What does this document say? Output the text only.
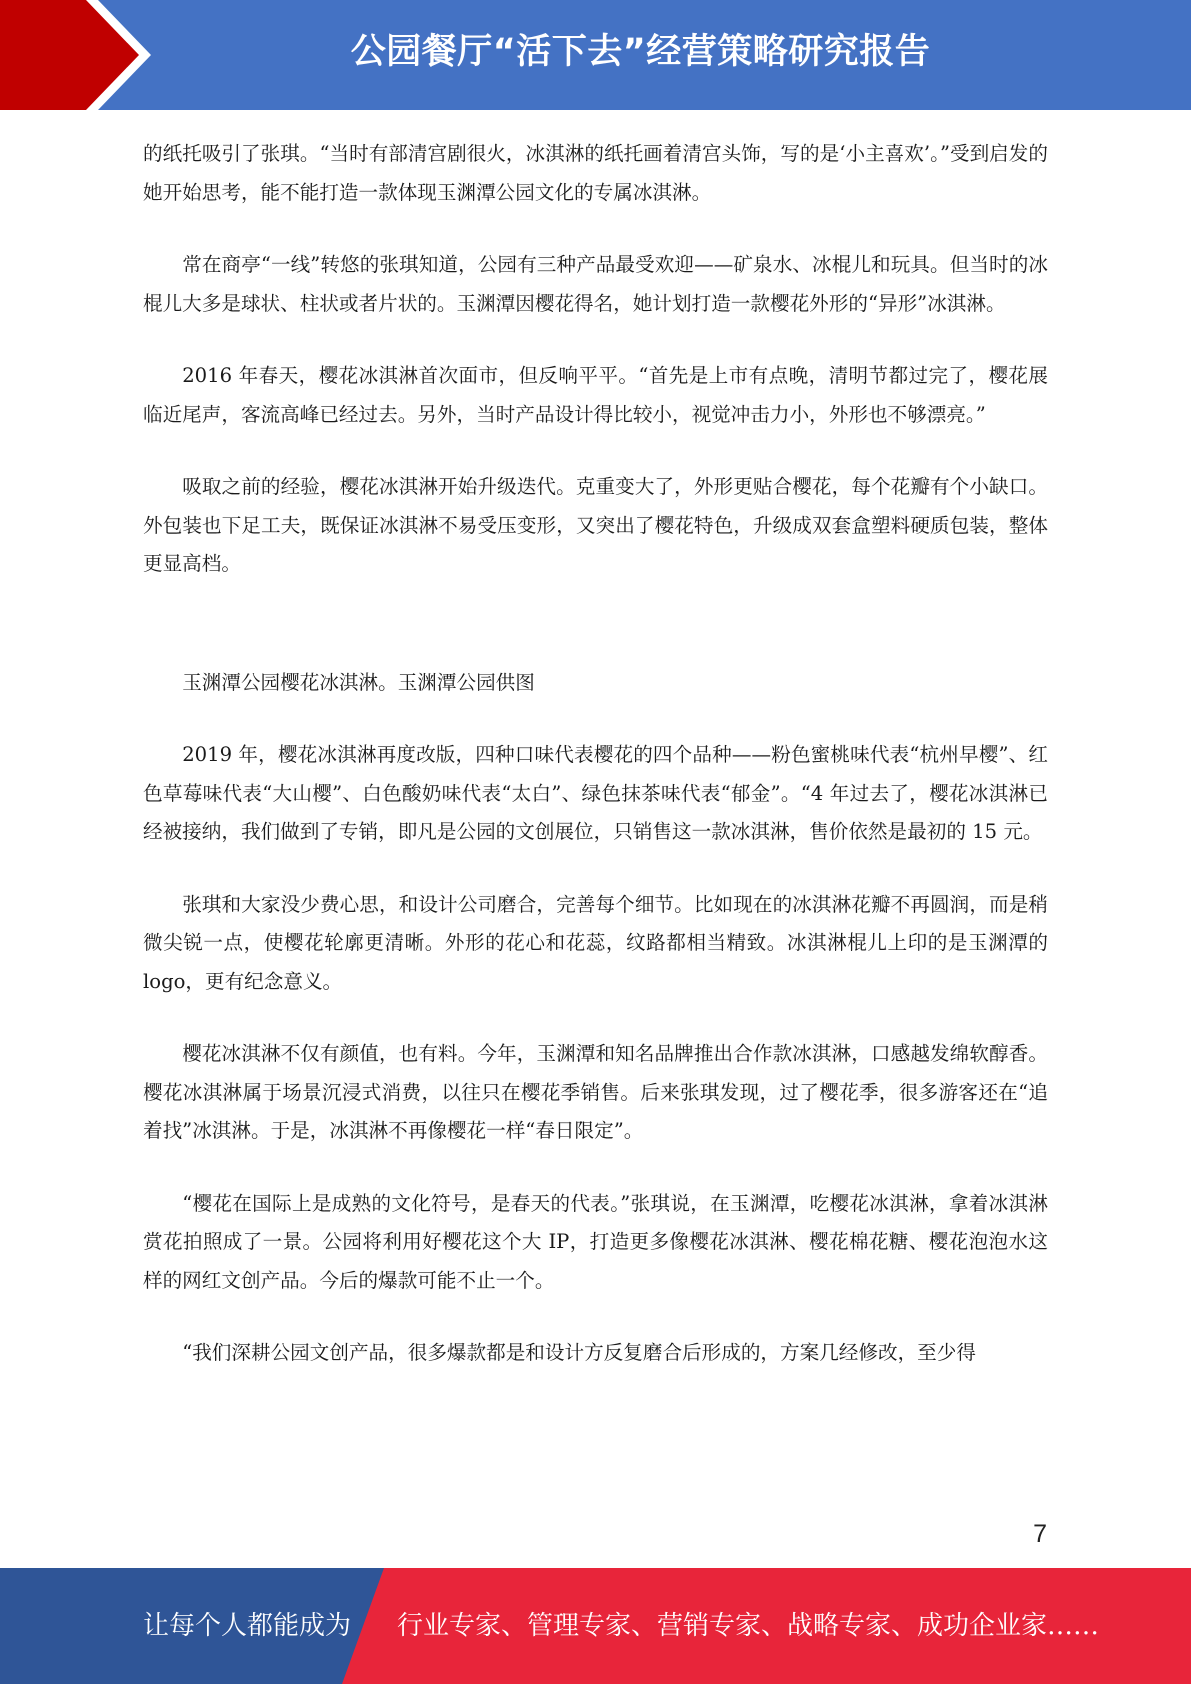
公园餐厅“活下去”经营策略研究报告

的纸托吸引了张琪。“当时有部清宫剧很火，冰淇淋的纸托画着清宫头饰，写的是‘小主喜欢’。”受到启发的她开始思考，能不能打造一款体现玉渊潭公园文化的专属冰淇淋。

常在商亭“一线”转悠的张琪知道，公园有三种产品最受欢迎——矿泉水、冰棍儿和玩具。但当时的冰棍儿大多是球状、柱状或者片状的。玉渊潭因樱花得名，她计划打造一款樱花外形的“异形”冰淇淋。

2016 年春天，樱花冰淇淋首次面市，但反响平平。“首先是上市有点晚，清明节都过完了，樱花展临近尾声，客流高峰已经过去。另外，当时产品设计得比较小，视觉冲击力小，外形也不够漂亮。”

吸取之前的经验，樱花冰淇淋开始升级迭代。克重变大了，外形更贴合樱花，每个花瓣有个小缺口。外包装也下足工夫，既保证冰淇淋不易受压变形，又突出了樱花特色，升级成双套盒塑料硬质包装，整体更显高档。

玉渊潭公园樱花冰淇淋。玉渊潭公园供图

2019 年，樱花冰淇淋再度改版，四种口味代表樱花的四个品种——粉色蜜桃味代表“杭州早樱”、红色草莓味代表“大山樱”、白色酸奶味代表“太白”、绿色抹茶味代表“郁金”。“4 年过去了，樱花冰淇淋已经被接纳，我们做到了专销，即凡是公园的文创展位，只销售这一款冰淇淋，售价依然是最初的 15 元。

张琪和大家没少费心思，和设计公司磨合，完善每个细节。比如现在的冰淇淋花瓣不再圆润，而是稍微尖锐一点，使樱花轮廓更清晰。外形的花心和花蕊，纹路都相当精致。冰淇淋棍儿上印的是玉渊潭的 logo，更有纪念意义。

樱花冰淇淋不仅有颜值，也有料。今年，玉渊潭和知名品牌推出合作款冰淇淋，口感越发绵软醇香。樱花冰淇淋属于场景沉浸式消费，以往只在樱花季销售。后来张琪发现，过了樱花季，很多游客还在“追着找”冰淇淋。于是，冰淇淋不再像樱花一样“春日限定”。

“樱花在国际上是成熟的文化符号，是春天的代表。”张琪说，在玉渊潭，吃樱花冰淇淋，拿着冰淇淋赏花拍照成了一景。公园将利用好樱花这个大 IP，打造更多像樱花冰淇淋、樱花棉花糖、樱花泡泡水这样的网红文创产品。今后的爆款可能不止一个。

“我们深耕公园文创产品，很多爆款都是和设计方反复磨合后形成的，方案几经修改，至少得

7
让每个人都能成为 行业专家、管理专家、营销专家、战略专家、成功企业家……
